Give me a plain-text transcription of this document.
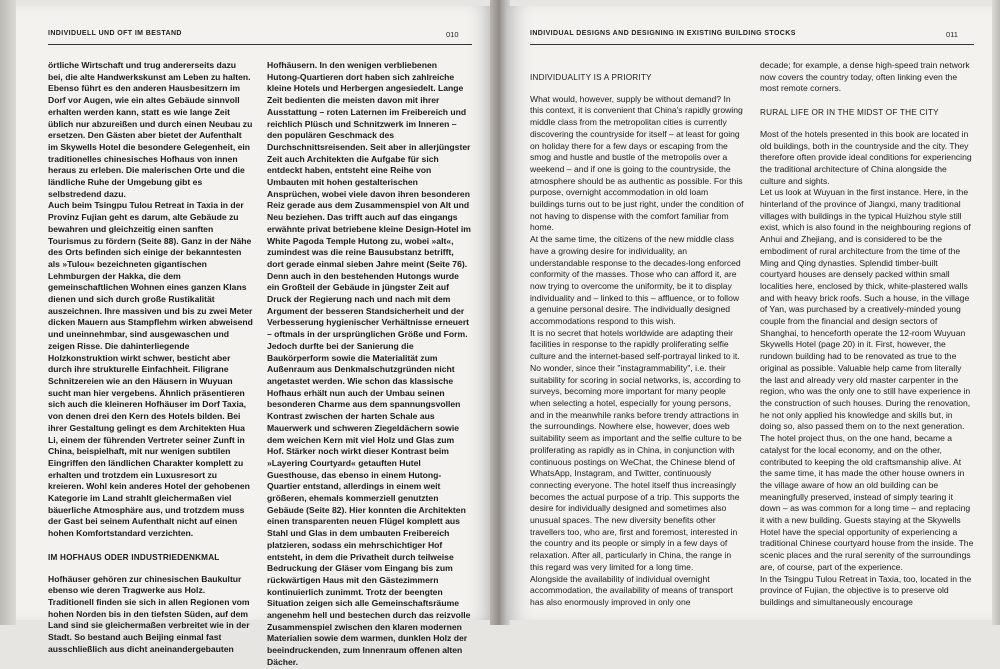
INDIVIDUELL UND OFT IM BESTAND	010

örtliche Wirtschaft und trug andererseits dazu bei, die alte Handwerkskunst am Leben zu halten. Ebenso führt es den anderen Hausbesitzern im Dorf vor Augen, wie ein altes Gebäude sinnvoll erhalten werden kann, statt es wie lange Zeit üblich nur abzureißen und durch einen Neubau zu ersetzen. Den Gästen aber bietet der Aufenthalt im Skywells Hotel die besondere Gelegenheit, ein traditionelles chinesisches Hofhaus von innen heraus zu erleben. Die malerischen Orte und die ländliche Ruhe der Umgebung gibt es selbstredend dazu.

Auch beim Tsingpu Tulou Retreat in Taxia in der Provinz Fujian geht es darum, alte Gebäude zu bewahren und gleichzeitig einen sanften Tourismus zu fördern (Seite 88). Ganz in der Nähe des Orts befinden sich einige der bekanntesten als »Tulou« bezeichneten gigantischen Lehmburgen der Hakka, die dem gemeinschaftlichen Wohnen eines ganzen Klans dienen und sich durch große Rustikalität auszeichnen. Ihre massiven und bis zu zwei Meter dicken Mauern aus Stampflehm wirken abweisend und uneinnehmbar, sind ausgewaschen und zeigen Risse. Die dahinterliegende Holzkonstruktion wirkt schwer, besticht aber durch ihre strukturelle Einfachheit. Filigrane Schnitzereien wie an den Häusern in Wuyuan sucht man hier vergebens. Ähnlich präsentieren sich auch die kleineren Hofhäuser im Dorf Taxia, von denen drei den Kern des Hotels bilden. Bei ihrer Gestaltung gelingt es dem Architekten Hua Li, einem der führenden Vertreter seiner Zunft in China, beispielhaft, mit nur wenigen subtilen Eingriffen den ländlichen Charakter komplett zu erhalten und trotzdem ein Luxusresort zu kreieren. Wohl kein anderes Hotel der gehobenen Kategorie im Land strahlt gleichermaßen viel bäuerliche Atmosphäre aus, und trotzdem muss der Gast bei seinem Aufenthalt nicht auf einen hohen Komfortstandard verzichten.

IM HOFHAUS ODER INDUSTRIEDENKMAL

Hofhäuser gehören zur chinesischen Baukultur ebenso wie deren Tragwerke aus Holz. Traditionell finden sie sich in allen Regionen vom hohen Norden bis in den tiefsten Süden, auf dem Land sind sie gleichermaßen verbreitet wie in der Stadt. So bestand auch Beijing einmal fast ausschließlich aus dicht aneinandergebauten

Hofhäusern. In den wenigen verbliebenen Hutong-Quartieren dort haben sich zahlreiche kleine Hotels und Herbergen angesiedelt. Lange Zeit bedienten die meisten davon mit ihrer Ausstattung – roten Laternen im Freibereich und reichlich Plüsch und Schnitzwerk im Inneren – den populären Geschmack des Durchschnittsreisenden. Seit aber in allerjüngster Zeit auch Architekten die Aufgabe für sich entdeckt haben, entsteht eine Reihe von Umbauten mit hohen gestalterischen Ansprüchen, wobei viele davon ihren besonderen Reiz gerade aus dem Zusammenspiel von Alt und Neu beziehen. Das trifft auch auf das eingangs erwähnte privat betriebene kleine Design-Hotel im White Pagoda Temple Hutong zu, wobei »alt«, zumindest was die reine Bausubstanz betrifft, dort gerade einmal sieben Jahre meint (Seite 76). Denn auch in den bestehenden Hutongs wurde ein Großteil der Gebäude in jüngster Zeit auf Druck der Regierung nach und nach mit dem Argument der besseren Standsicherheit und der Verbesserung hygienischer Verhältnisse erneuert – oftmals in der ursprünglichen Größe und Form. Jedoch durfte bei der Sanierung die Baukörperform sowie die Materialität zum Außenraum aus Denkmalschutzgründen nicht angetastet werden. Wie schon das klassische Hofhaus erhält nun auch der Umbau seinen besonderen Charme aus dem spannungsvollen Kontrast zwischen der harten Schale aus Mauerwerk und schweren Ziegeldächern sowie dem weichen Kern mit viel Holz und Glas zum Hof. Stärker noch wirkt dieser Kontrast beim »Layering Courtyard« getauften Hutel Guesthouse, das ebenso in einem Hutong-Quartier entstand, allerdings in einem weit größeren, ehemals kommerziell genutzten Gebäude (Seite 82). Hier konnten die Architekten einen transparenten neuen Flügel komplett aus Stahl und Glas in dem umbauten Freibereich platzieren, sodass ein mehrschichtiger Hof entsteht, in dem die Privatheit durch teilweise Bedruckung der Gläser vom Eingang bis zum rückwärtigen Haus mit den Gästezimmern kontinuierlich zunimmt. Trotz der beengten Situation zeigen sich alle Gemeinschaftsräume angenehm hell und bestechen durch das reizvolle Zusammenspiel zwischen den klaren modernen Materialien sowie dem warmen, dunklen Holz der beeindruckenden, zum Innenraum offenen alten Dächer.

INDIVIDUAL DESIGNS AND DESIGNING IN EXISTING BUILDING STOCKS	011
INDIVIDUALITY IS A PRIORITY

What would, however, supply be without demand? In this context, it is convenient that China's rapidly growing middle class from the metropolitan cities is currently discovering the countryside for itself – at least for going on holiday there for a few days or escaping from the smog and hustle and bustle of the metropolis over a weekend – and if one is going to the countryside, the atmosphere should be as authentic as possible. For this purpose, overnight accommodation in old loam buildings turns out to be just right, under the condition of not having to dispense with the comfort familiar from home.

At the same time, the citizens of the new middle class have a growing desire for individuality, an understandable response to the decades-long enforced conformity of the masses. Those who can afford it, are now trying to overcome the uniformity, be it to display individuality and – linked to this – affluence, or to follow a genuine personal desire. The individually designed accommodations respond to this wish.

It is no secret that hotels worldwide are adapting their facilities in response to the rapidly proliferating selfie culture and the internet-based self-portrayal linked to it. No wonder, since their "instagrammability", i.e. their suitability for scoring in social networks, is, according to surveys, becoming more important for many people when selecting a hotel, especially for young persons, and in the meanwhile ranks before trendy attractions in the surroundings. Nowhere else, however, does web suitability seem as important and the selfie culture to be proliferating as rapidly as in China, in conjunction with continuous postings on WeChat, the Chinese blend of WhatsApp, Instagram, and Twitter, continuously connecting everyone. The hotel itself thus increasingly becomes the actual purpose of a trip. This supports the desire for individually designed and sometimes also unusual spaces. The new diversity benefits other travellers too, who are, first and foremost, interested in the country and its people or simply in a few days of relaxation. After all, particularly in China, the range in this regard was very limited for a long time.

Alongside the availability of individual overnight accommodation, the availability of means of transport has also enormously improved in only one

decade; for example, a dense high-speed train network now covers the country today, often linking even the most remote corners.

RURAL LIFE OR IN THE MIDST OF THE CITY

Most of the hotels presented in this book are located in old buildings, both in the countryside and the city. They therefore often provide ideal conditions for experiencing the traditional architecture of China alongside the culture and sights.

Let us look at Wuyuan in the first instance. Here, in the hinterland of the province of Jiangxi, many traditional villages with buildings in the typical Huizhou style still exist, which is also found in the neighbouring regions of Anhui and Zhejiang, and is considered to be the embodiment of rural architecture from the time of the Ming and Qing dynasties. Splendid timber-built courtyard houses are densely packed within small localities here, enclosed by thick, white-plastered walls and with heavy brick roofs. Such a house, in the village of Yan, was purchased by a creatively-minded young couple from the financial and design sectors of Shanghai, to henceforth operate the 12-room Wuyuan Skywells Hotel (page 20) in it. First, however, the rundown building had to be renovated as true to the original as possible. Valuable help came from literally the last and already very old master carpenter in the region, who was the only one to still have experience in the construction of such houses. During the renovation, he not only applied his knowledge and skills but, in doing so, also passed them on to the next generation. The hotel project thus, on the one hand, became a catalyst for the local economy, and on the other, contributed to keeping the old craftsmanship alive. At the same time, it has made the other house owners in the village aware of how an old building can be meaningfully preserved, instead of simply tearing it down – as was common for a long time – and replacing it with a new building. Guests staying at the Skywells Hotel have the special opportunity of experiencing a traditional Chinese courtyard house from the inside. The scenic places and the rural serenity of the surroundings are, of course, part of the experience.

In the Tsingpu Tulou Retreat in Taxia, too, located in the province of Fujian, the objective is to preserve old buildings and simultaneously encourage
